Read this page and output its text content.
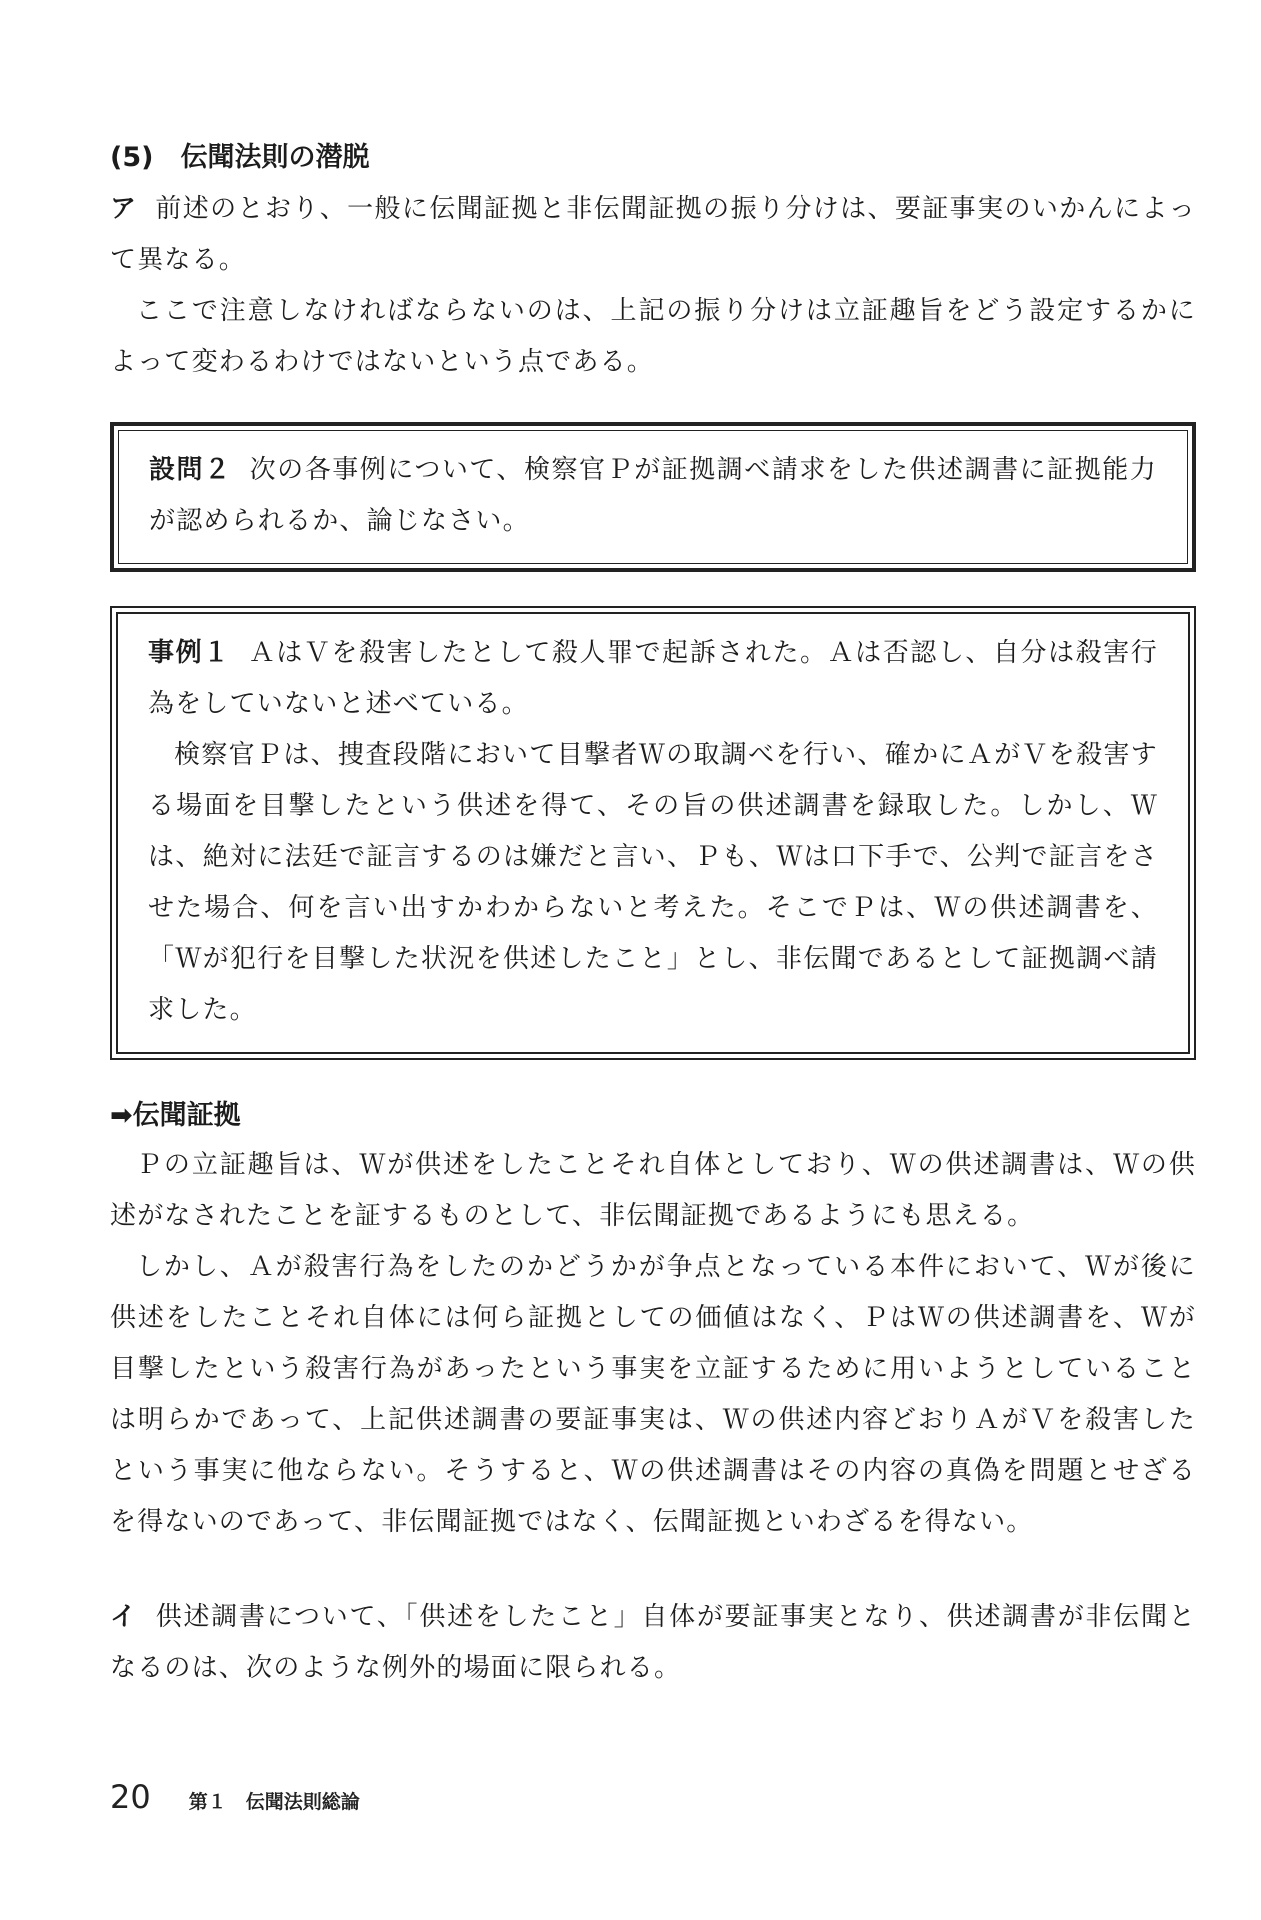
(5)　伝聞法則の潜脱

ア 前述のとおり、一般に伝聞証拠と非伝聞証拠の振り分けは、要証事実のいかんによって異なる。

ここで注意しなければならないのは、上記の振り分けは立証趣旨をどう設定するかによって変わるわけではないという点である。

設問２ 次の各事例について、検察官Ｐが証拠調べ請求をした供述調書に証拠能力が認められるか、論じなさい。

事例１ ＡはＶを殺害したとして殺人罪で起訴された。Ａは否認し、自分は殺害行為をしていないと述べている。

検察官Ｐは、捜査段階において目撃者Ｗの取調べを行い、確かにＡがＶを殺害する場面を目撃したという供述を得て、その旨の供述調書を録取した。しかし、Ｗは、絶対に法廷で証言するのは嫌だと言い、Ｐも、Ｗは口下手で、公判で証言をさせた場合、何を言い出すかわからないと考えた。そこでＰは、Ｗの供述調書を、「Ｗが犯行を目撃した状況を供述したこと」とし、非伝聞であるとして証拠調べ請求した。

➡伝聞証拠

Ｐの立証趣旨は、Ｗが供述をしたことそれ自体としており、Ｗの供述調書は、Ｗの供述がなされたことを証するものとして、非伝聞証拠であるようにも思える。

しかし、Ａが殺害行為をしたのかどうかが争点となっている本件において、Ｗが後に供述をしたことそれ自体には何ら証拠としての価値はなく、ＰはＷの供述調書を、Ｗが目撃したという殺害行為があったという事実を立証するために用いようとしていることは明らかであって、上記供述調書の要証事実は、Ｗの供述内容どおりＡがＶを殺害したという事実に他ならない。そうすると、Ｗの供述調書はその内容の真偽を問題とせざるを得ないのであって、非伝聞証拠ではなく、伝聞証拠といわざるを得ない。

イ 供述調書について、「供述をしたこと」自体が要証事実となり、供述調書が非伝聞となるのは、次のような例外的場面に限られる。

20 第１　伝聞法則総論
